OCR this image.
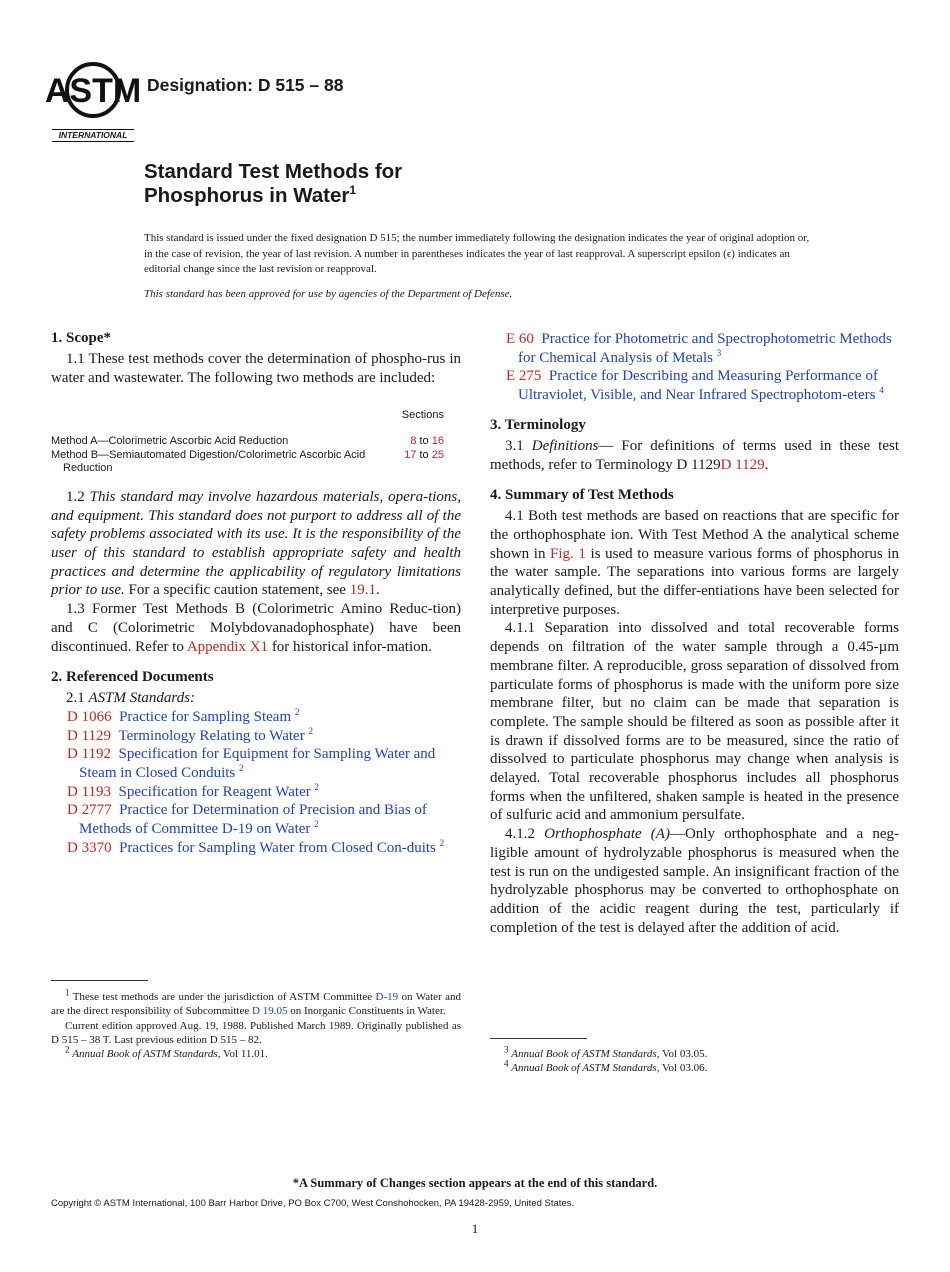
ASTM
INTERNATIONAL
Designation: D 515 – 88
Standard Test Methods for
Phosphorus in Water$^1$

This standard is issued under the fixed designation D 515; the number immediately following the designation indicates the year of original adoption or, in the case of revision, the year of last revision. A number in parentheses indicates the year of last reapproval. A superscript epsilon (ϵ) indicates an editorial change since the last revision or reapproval.

This standard has been approved for use by agencies of the Department of Defense.

1. Scope*

1.1 These test methods cover the determination of phospho-rus in water and wastewater. The following two methods are included:

Sections
Method A—Colorimetric Ascorbic Acid Reduction	8 to 16

Method B—Semiautomated Digestion/Colorimetric Ascorbic Acid Reduction	17 to 25

1.2 This standard may involve hazardous materials, opera-tions, and equipment. This standard does not purport to address all of the safety problems associated with its use. It is the responsibility of the user of this standard to establish appropriate safety and health practices and determine the applicability of regulatory limitations prior to use. For a specific caution statement, see 19.1.

1.3 Former Test Methods B (Colorimetric Amino Reduc-tion) and C (Colorimetric Molybdovanadophosphate) have been discontinued. Refer to Appendix X1 for historical infor-mation.

2. Referenced Documents

2.1 ASTM Standards:

D 1066 Practice for Sampling Steam $^2$

D 1129 Terminology Relating to Water $^2$

D 1192 Specification for Equipment for Sampling Water and Steam in Closed Conduits $^2$

D 1193 Specification for Reagent Water $^2$

D 2777 Practice for Determination of Precision and Bias of Methods of Committee D-19 on Water $^2$

D 3370 Practices for Sampling Water from Closed Con-duits $^2$

$^1$ These test methods are under the jurisdiction of ASTM Committee D-19 on Water and are the direct responsibility of Subcommittee D 19.05 on Inorganic Constituents in Water.

Current edition approved Aug. 19, 1988. Published March 1989. Originally published as D 515 – 38 T. Last previous edition D 515 – 82.

$^2$ Annual Book of ASTM Standards, Vol 11.01.

E 60 Practice for Photometric and Spectrophotometric Methods for Chemical Analysis of Metals $^3$

E 275 Practice for Describing and Measuring Performance of Ultraviolet, Visible, and Near Infrared Spectrophotom-eters $^4$

3. Terminology

3.1 Definitions— For definitions of terms used in these test methods, refer to Terminology D 1129D 1129.

4. Summary of Test Methods

4.1 Both test methods are based on reactions that are specific for the orthophosphate ion. With Test Method A the analytical scheme shown in Fig. 1 is used to measure various forms of phosphorus in the water sample. The separations into various forms are largely analytically defined, but the differ-entiations have been selected for interpretive purposes.

4.1.1 Separation into dissolved and total recoverable forms depends on filtration of the water sample through a 0.45-µm membrane filter. A reproducible, gross separation of dissolved from particulate forms of phosphorus is made with the uniform pore size membrane filter, but no claim can be made that separation is complete. The sample should be filtered as soon as possible after it is drawn if dissolved forms are to be measured, since the ratio of dissolved to particulate phosphorus may change when analysis is delayed. Total recoverable phosphorus includes all phosphorus forms when the unfiltered, shaken sample is heated in the presence of sulfuric acid and ammonium persulfate.

4.1.2 Orthophosphate (A)—Only orthophosphate and a neg-ligible amount of hydrolyzable phosphorus is measured when the test is run on the undigested sample. An insignificant fraction of the hydrolyzable phosphorus may be converted to orthophosphate on addition of the acidic reagent during the test, particularly if completion of the test is delayed after the addition of acid.

$^3$ Annual Book of ASTM Standards, Vol 03.05.

$^4$ Annual Book of ASTM Standards, Vol 03.06.

*A Summary of Changes section appears at the end of this standard.
Copyright © ASTM International, 100 Barr Harbor Drive, PO Box C700, West Conshohocken, PA 19428-2959, United States.
1
